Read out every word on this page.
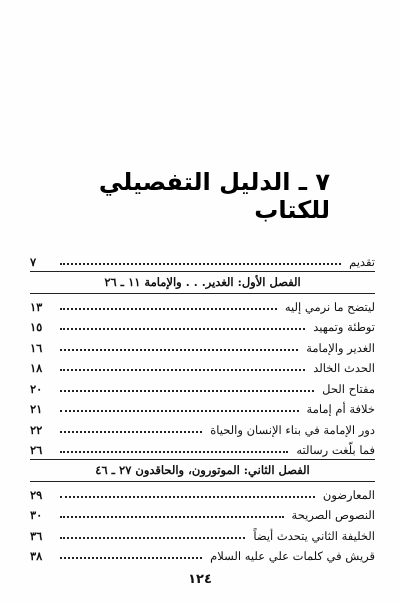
٧ ـ الدليل التفصيلي للكتاب
تقديم
٧
الفصل الأول: الغدير. . . والإمامة
١١ ـ ٢٦
ليتضح ما نرمي إليه
١٣
توطئة وتمهيد
١٥
الغدير والإمامة
١٦
الحدث الخالد
١٨
مفتاح الحل
٢٠
خلافة أم إمامة
٢١
دور الإمامة في بناء الإنسان والحياة
٢٢
فما بلّغت رسالته
٢٦
الفصل الثاني: الموتورون، والحاقدون
٢٧ ـ ٤٦
المعارضون
٢٩
النصوص الصريحة
٣٠
الخليفة الثاني يتحدث أيضاً
٣٦
قريش في كلمات علي عليه السلام
٣٨
١٢٤
